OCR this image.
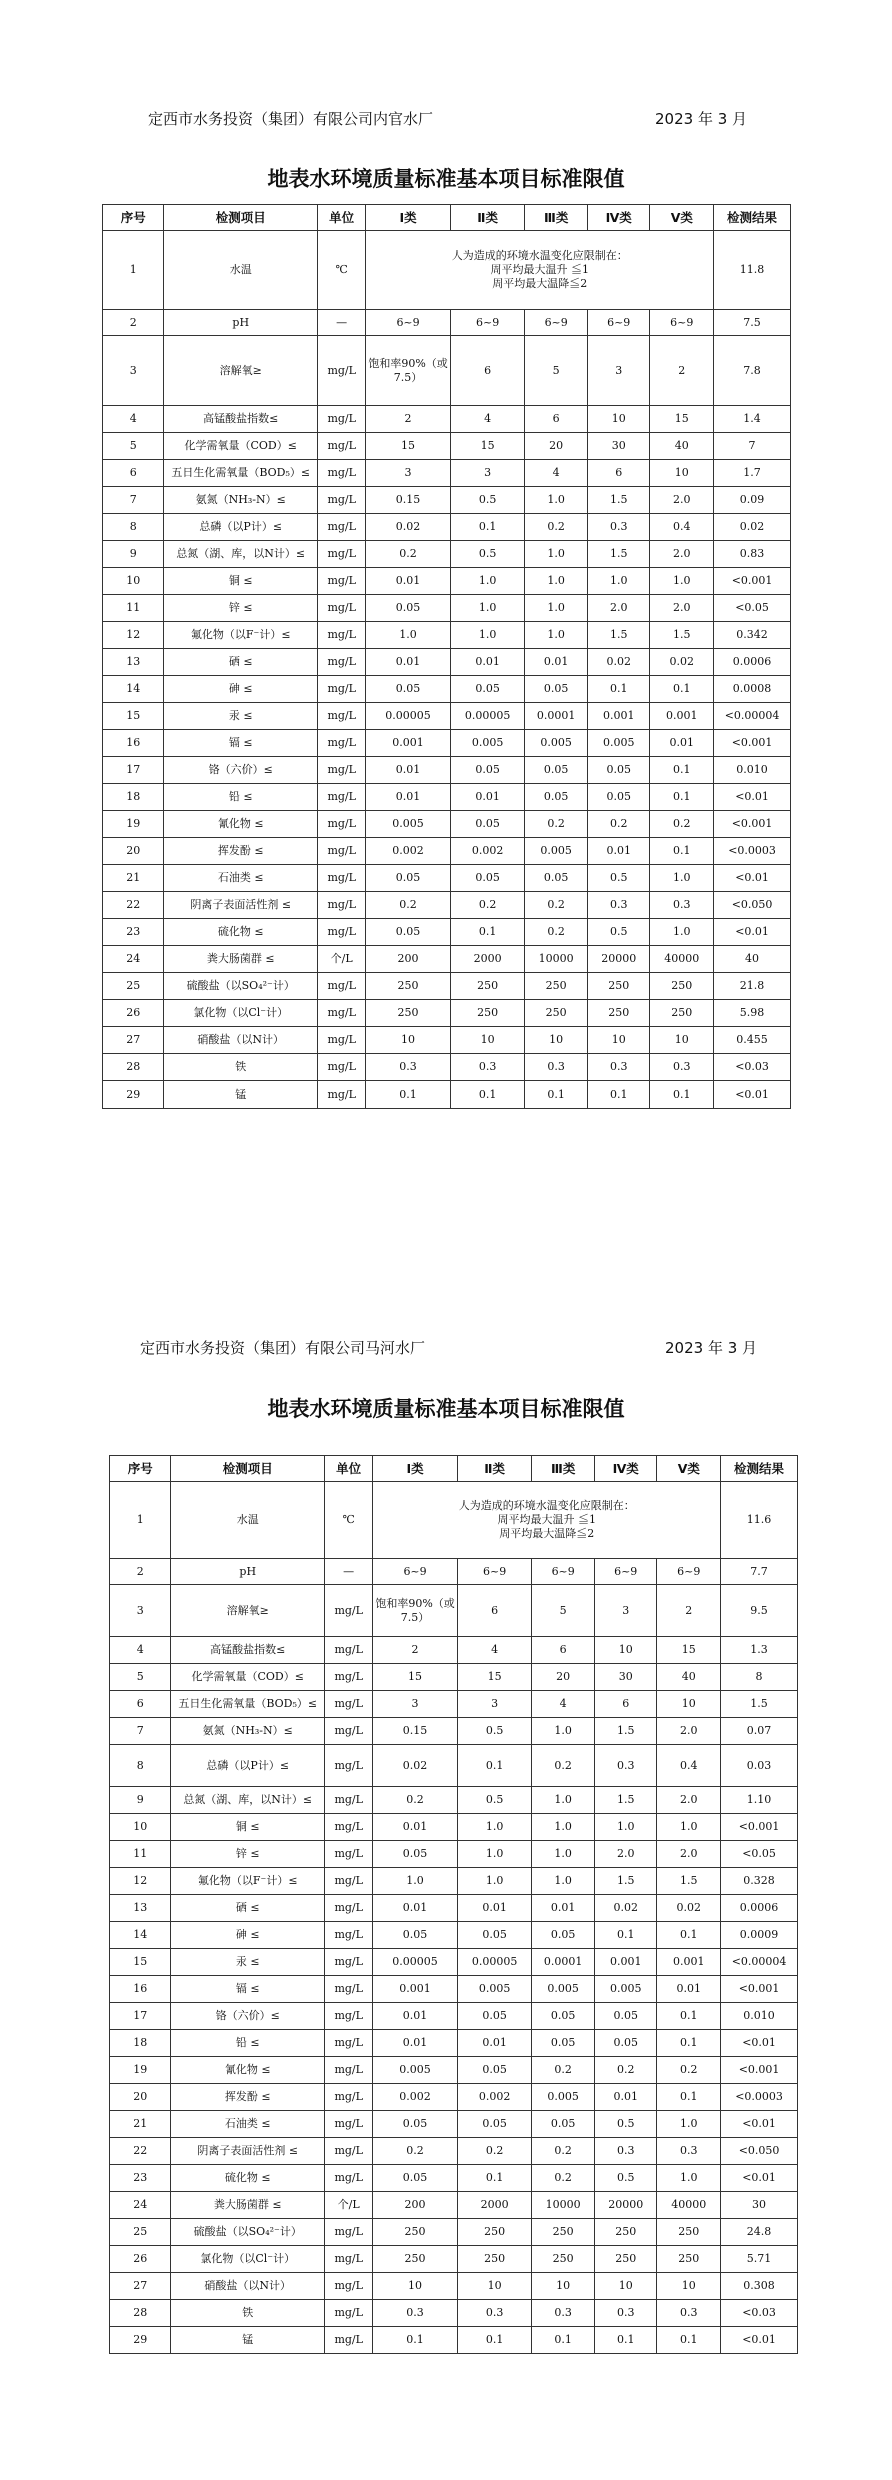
定西市水务投资（集团）有限公司内官水厂	2023 年 3 月
地表水环境质量标准基本项目标准限值
序号	检测项目	单位	Ⅰ类	Ⅱ类	Ⅲ类	Ⅳ类	Ⅴ类	检测结果
1	水温	℃	人为造成的环境水温变化应限制在：
周平均最大温升 ≦1
周平均最大温降≦2					11.8
2	pH	—	6~9	6~9	6~9	6~9	6~9	7.5
3	溶解氧≥	mg/L	饱和率90%（或7.5）	6	5	3	2	7.8
4	高锰酸盐指数≤	mg/L	2	4	6	10	15	1.4
5	化学需氧量（COD）≤	mg/L	15	15	20	30	40	7
6	五日生化需氧量（BOD₅）≤	mg/L	3	3	4	6	10	1.7
7	氨氮（NH₃-N）≤	mg/L	0.15	0.5	1.0	1.5	2.0	0.09
8	总磷（以P计）≤	mg/L	0.02	0.1	0.2	0.3	0.4	0.02
9	总氮（湖、库，以N计）≤	mg/L	0.2	0.5	1.0	1.5	2.0	0.83
10	铜 ≤	mg/L	0.01	1.0	1.0	1.0	1.0	<0.001
11	锌 ≤	mg/L	0.05	1.0	1.0	2.0	2.0	<0.05
12	氟化物（以F⁻计）≤	mg/L	1.0	1.0	1.0	1.5	1.5	0.342
13	硒 ≤	mg/L	0.01	0.01	0.01	0.02	0.02	0.0006
14	砷 ≤	mg/L	0.05	0.05	0.05	0.1	0.1	0.0008
15	汞 ≤	mg/L	0.00005	0.00005	0.0001	0.001	0.001	<0.00004
16	镉 ≤	mg/L	0.001	0.005	0.005	0.005	0.01	<0.001
17	铬（六价）≤	mg/L	0.01	0.05	0.05	0.05	0.1	0.010
18	铅 ≤	mg/L	0.01	0.01	0.05	0.05	0.1	<0.01
19	氰化物 ≤	mg/L	0.005	0.05	0.2	0.2	0.2	<0.001
20	挥发酚 ≤	mg/L	0.002	0.002	0.005	0.01	0.1	<0.0003
21	石油类 ≤	mg/L	0.05	0.05	0.05	0.5	1.0	<0.01
22	阴离子表面活性剂 ≤	mg/L	0.2	0.2	0.2	0.3	0.3	<0.050
23	硫化物 ≤	mg/L	0.05	0.1	0.2	0.5	1.0	<0.01
24	粪大肠菌群 ≤	个/L	200	2000	10000	20000	40000	40
25	硫酸盐（以SO₄²⁻计）	mg/L	250	250	250	250	250	21.8
26	氯化物（以Cl⁻计）	mg/L	250	250	250	250	250	5.98
27	硝酸盐（以N计）	mg/L	10	10	10	10	10	0.455
28	铁	mg/L	0.3	0.3	0.3	0.3	0.3	<0.03
29	锰	mg/L	0.1	0.1	0.1	0.1	0.1	<0.01
定西市水务投资（集团）有限公司马河水厂	2023 年 3 月
地表水环境质量标准基本项目标准限值
序号	检测项目	单位	Ⅰ类	Ⅱ类	Ⅲ类	Ⅳ类	Ⅴ类	检测结果
1	水温	℃	人为造成的环境水温变化应限制在：
周平均最大温升 ≦1
周平均最大温降≦2					11.6
2	pH	—	6~9	6~9	6~9	6~9	6~9	7.7
3	溶解氧≥	mg/L	饱和率90%（或7.5）	6	5	3	2	9.5
4	高锰酸盐指数≤	mg/L	2	4	6	10	15	1.3
5	化学需氧量（COD）≤	mg/L	15	15	20	30	40	8
6	五日生化需氧量（BOD₅）≤	mg/L	3	3	4	6	10	1.5
7	氨氮（NH₃-N）≤	mg/L	0.15	0.5	1.0	1.5	2.0	0.07
8	总磷（以P计）≤	mg/L	0.02	0.1	0.2	0.3	0.4	0.03
9	总氮（湖、库，以N计）≤	mg/L	0.2	0.5	1.0	1.5	2.0	1.10
10	铜 ≤	mg/L	0.01	1.0	1.0	1.0	1.0	<0.001
11	锌 ≤	mg/L	0.05	1.0	1.0	2.0	2.0	<0.05
12	氟化物（以F⁻计）≤	mg/L	1.0	1.0	1.0	1.5	1.5	0.328
13	硒 ≤	mg/L	0.01	0.01	0.01	0.02	0.02	0.0006
14	砷 ≤	mg/L	0.05	0.05	0.05	0.1	0.1	0.0009
15	汞 ≤	mg/L	0.00005	0.00005	0.0001	0.001	0.001	<0.00004
16	镉 ≤	mg/L	0.001	0.005	0.005	0.005	0.01	<0.001
17	铬（六价）≤	mg/L	0.01	0.05	0.05	0.05	0.1	0.010
18	铅 ≤	mg/L	0.01	0.01	0.05	0.05	0.1	<0.01
19	氰化物 ≤	mg/L	0.005	0.05	0.2	0.2	0.2	<0.001
20	挥发酚 ≤	mg/L	0.002	0.002	0.005	0.01	0.1	<0.0003
21	石油类 ≤	mg/L	0.05	0.05	0.05	0.5	1.0	<0.01
22	阴离子表面活性剂 ≤	mg/L	0.2	0.2	0.2	0.3	0.3	<0.050
23	硫化物 ≤	mg/L	0.05	0.1	0.2	0.5	1.0	<0.01
24	粪大肠菌群 ≤	个/L	200	2000	10000	20000	40000	30
25	硫酸盐（以SO₄²⁻计）	mg/L	250	250	250	250	250	24.8
26	氯化物（以Cl⁻计）	mg/L	250	250	250	250	250	5.71
27	硝酸盐（以N计）	mg/L	10	10	10	10	10	0.308
28	铁	mg/L	0.3	0.3	0.3	0.3	0.3	<0.03
29	锰	mg/L	0.1	0.1	0.1	0.1	0.1	<0.01
